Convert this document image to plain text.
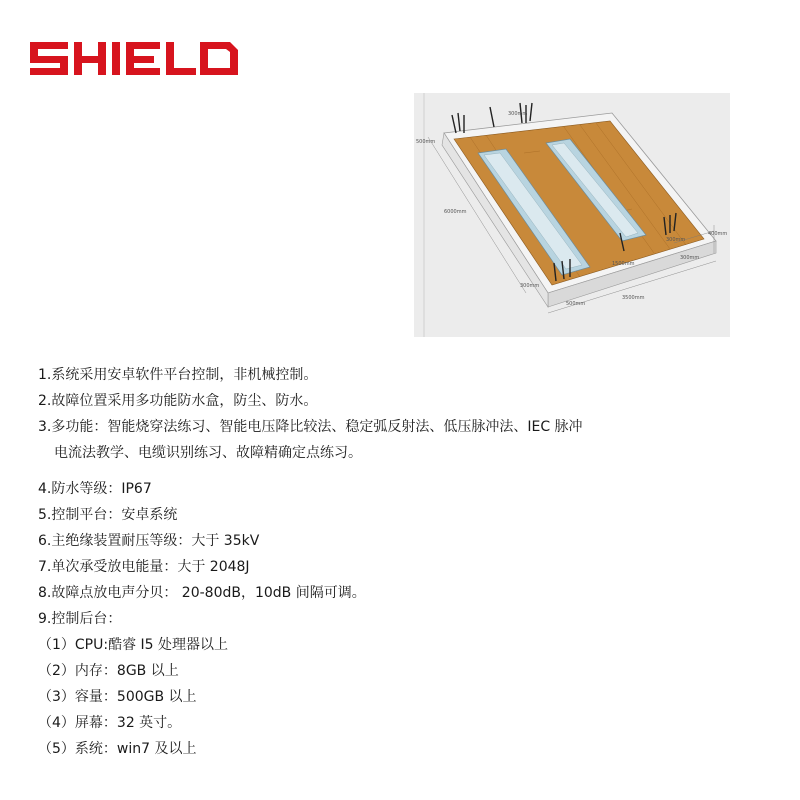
500mm
300mm
6000mm
1500mm
300mm
400mm
300mm
300mm
500mm
3500mm

1.系统采用安卓软件平台控制，非机械控制。

2.故障位置采用多功能防水盒，防尘、防水。

3.多功能：智能烧穿法练习、智能电压降比较法、稳定弧反射法、低压脉冲法、IEC 脉冲

电流法教学、电缆识别练习、故障精确定点练习。

4.防水等级：IP67

5.控制平台：安卓系统

6.主绝缘装置耐压等级：大于 35kV

7.单次承受放电能量：大于 2048J

8.故障点放电声分贝： 20-80dB，10dB 间隔可调。

9.控制后台：

（1）CPU:酷睿 I5 处理器以上

（2）内存：8GB 以上

（3）容量：500GB 以上

（4）屏幕：32 英寸。

（5）系统：win7 及以上
